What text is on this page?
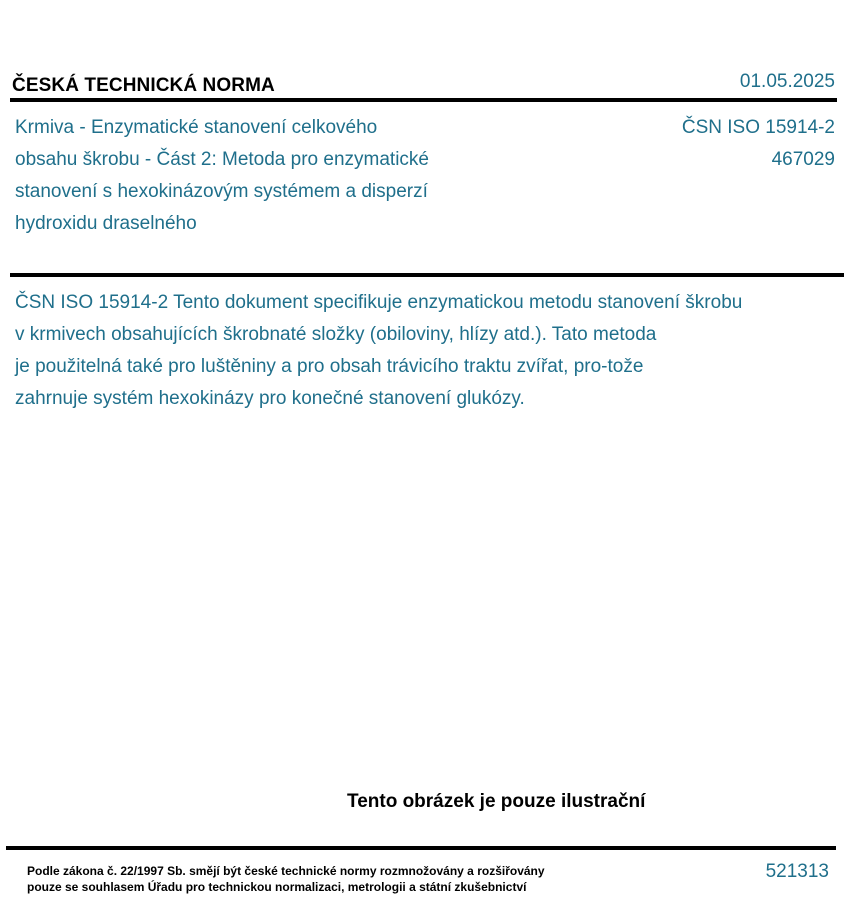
ČESKÁ TECHNICKÁ NORMA	01.05.2025
Krmiva - Enzymatické stanovení celkového
obsahu škrobu - Část 2: Metoda pro enzymatické
stanovení s hexokinázovým systémem a disperzí
hydroxidu draselného
ČSN ISO 15914-2
467029
ČSN ISO 15914-2 Tento dokument specifikuje enzymatickou metodu stanovení škrobu
v krmivech obsahujících škrobnaté složky (obiloviny, hlízy atd.). Tato metoda
je použitelná také pro luštěniny a pro obsah trávicího traktu zvířat, pro-tože
zahrnuje systém hexokinázy pro konečné stanovení glukózy.
Tento obrázek je pouze ilustrační
Podle zákona č. 22/1997 Sb. smějí být české technické normy rozmnožovány a rozšiřovány
pouze se souhlasem Úřadu pro technickou normalizaci, metrologii a státní zkušebnictví
521313
